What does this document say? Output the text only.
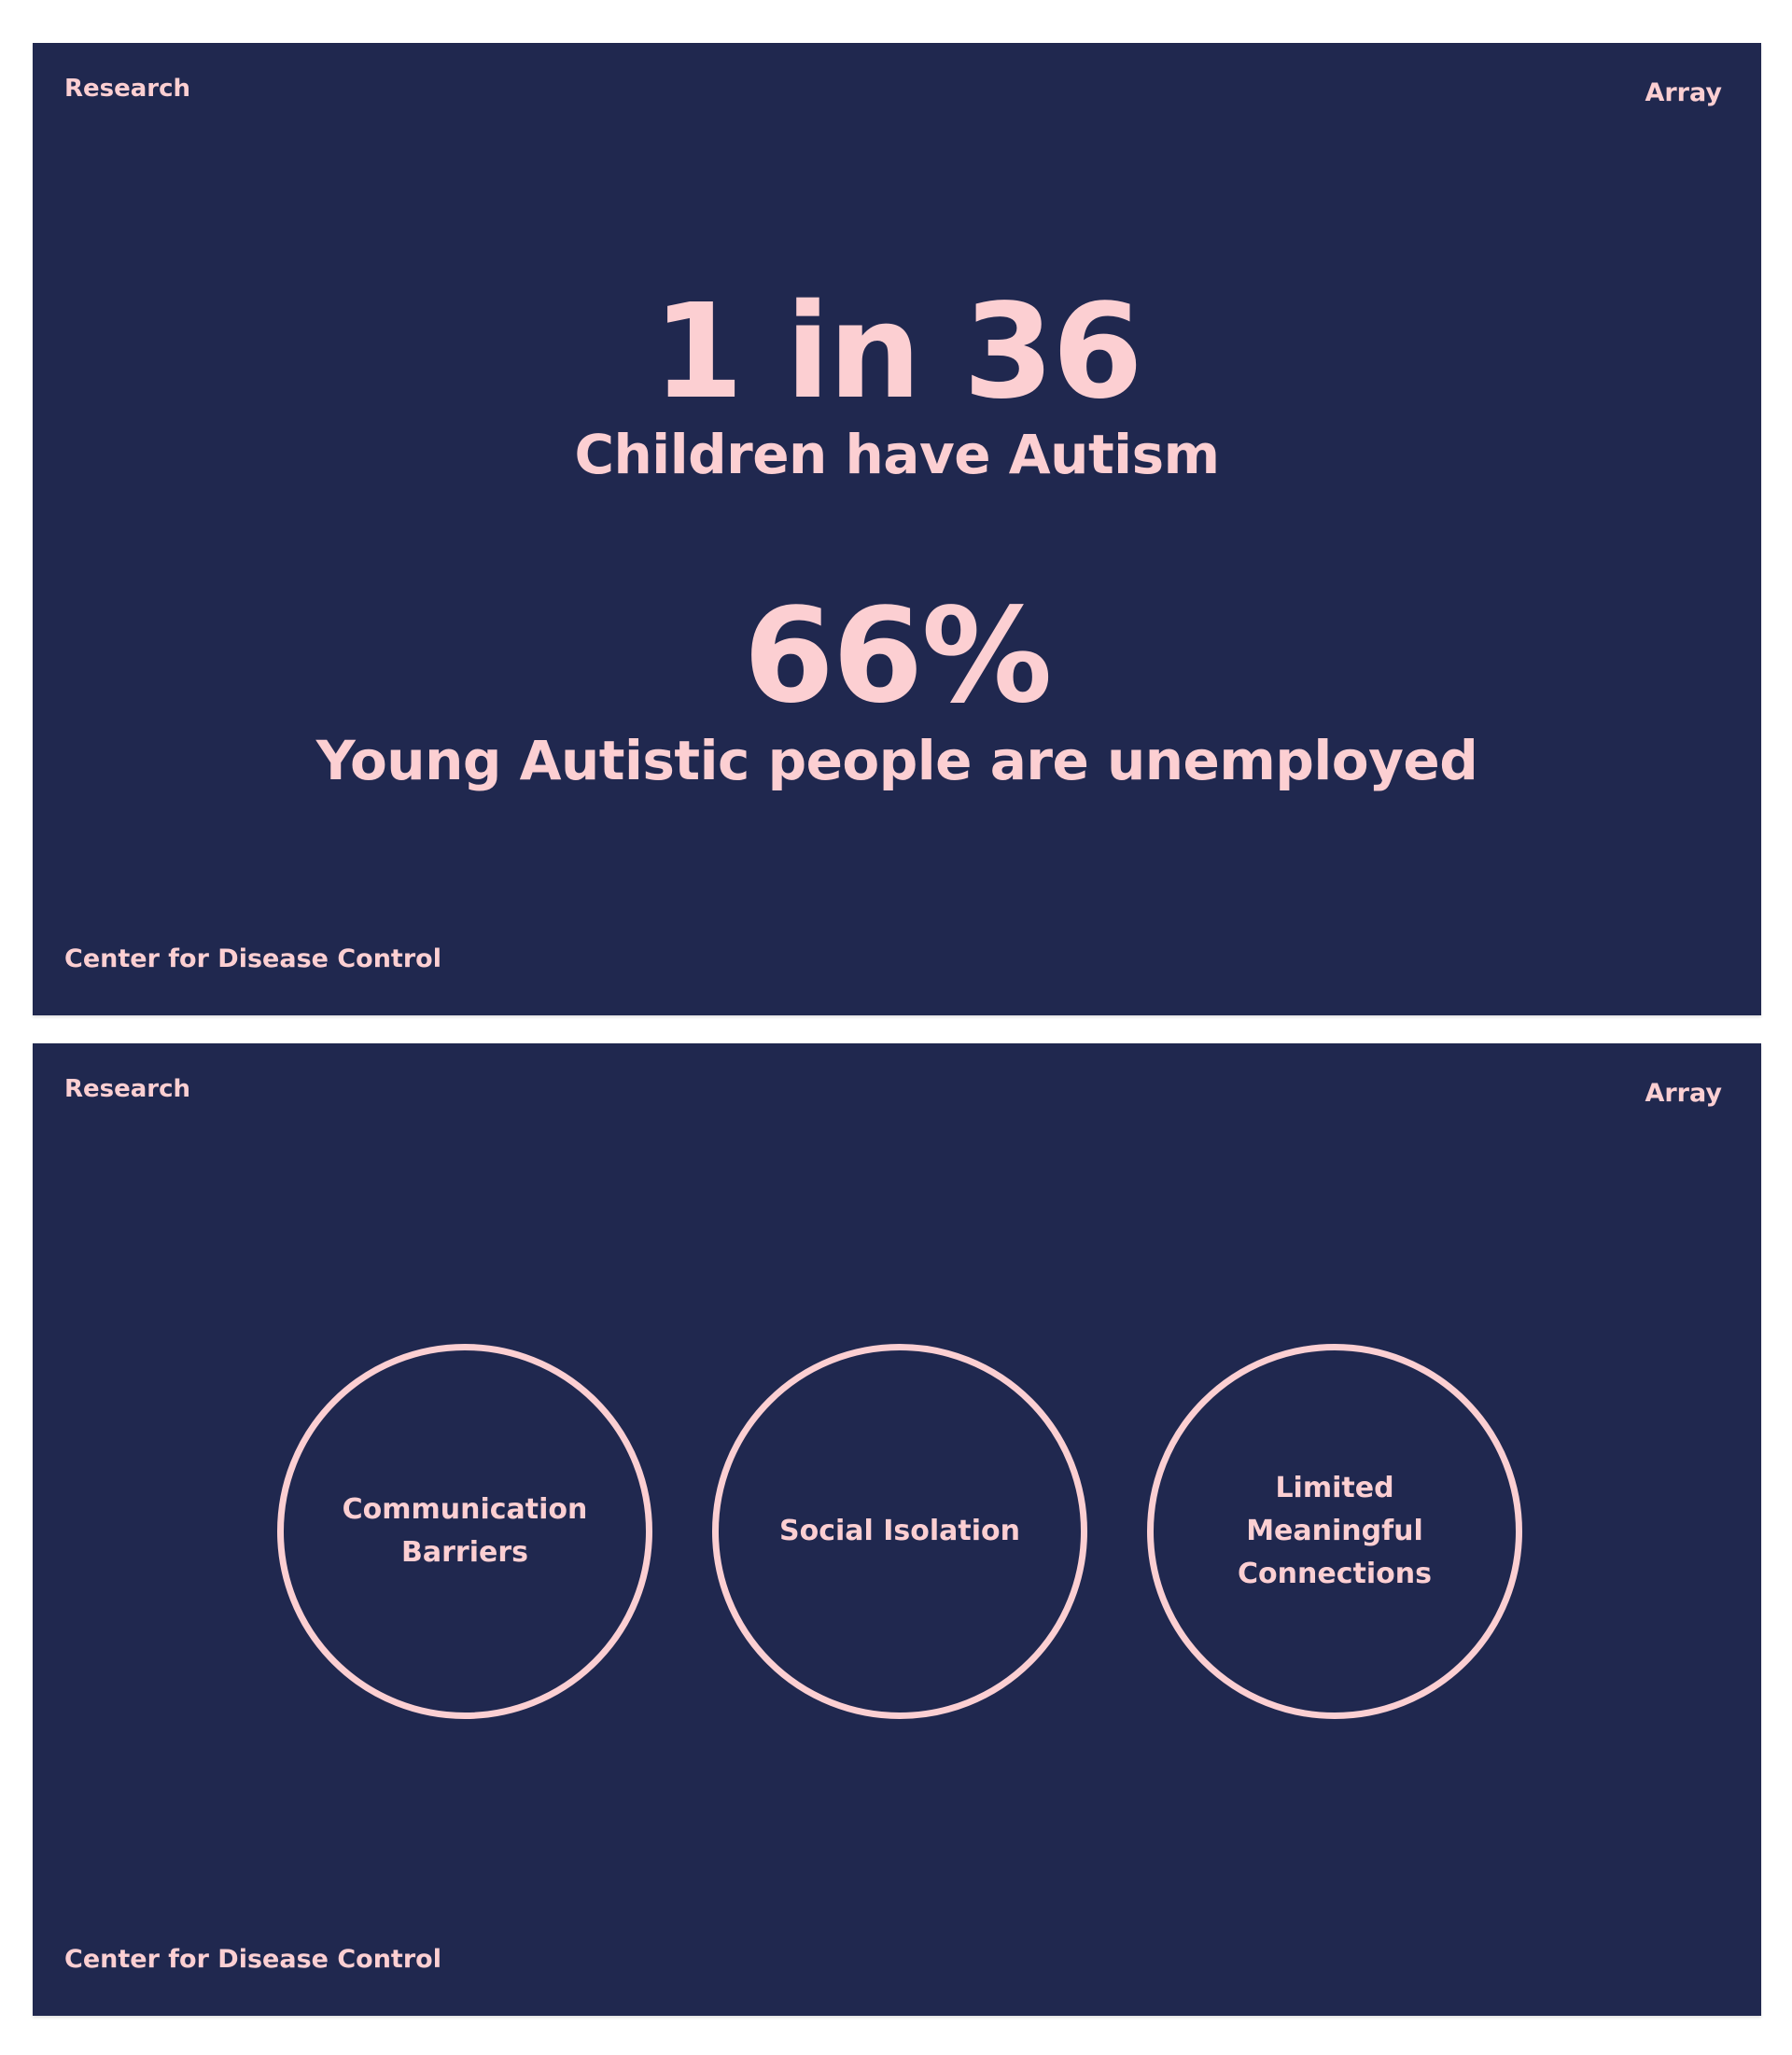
Research	Array
1 in 36
Children have Autism
66%
Young Autistic people are unemployed
Center for Disease Control
Research	Array
Communication Barriers
Social Isolation
Limited Meaningful Connections
Center for Disease Control
